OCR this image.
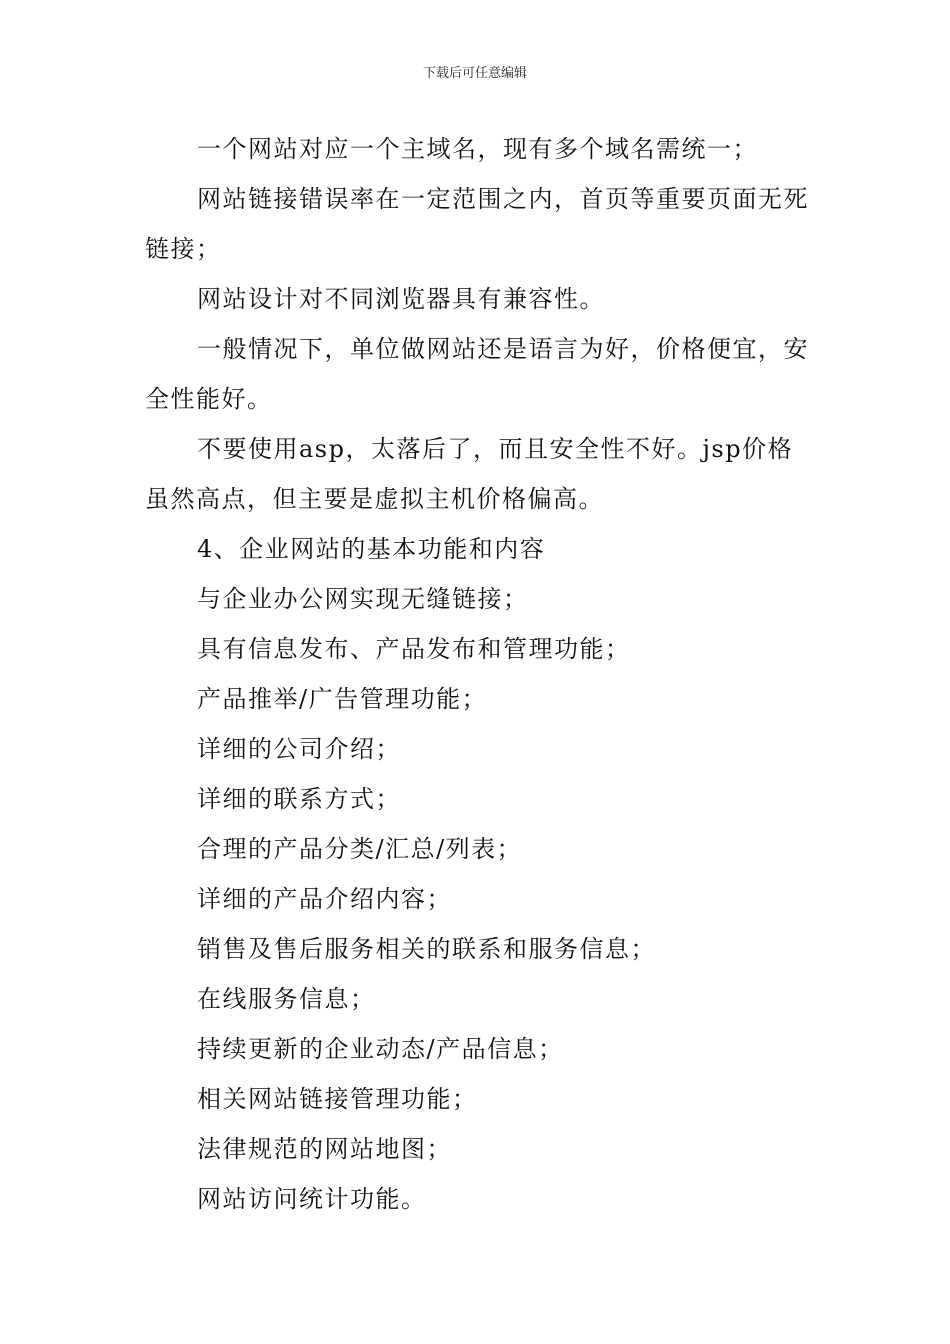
下载后可任意编辑

一个网站对应一个主域名，现有多个域名需统一；

网站链接错误率在一定范围之内，首页等重要页面无死链接；

网站设计对不同浏览器具有兼容性。

一般情况下，单位做网站还是语言为好，价格便宜，安全性能好。

不要使用asp，太落后了，而且安全性不好。jsp价格虽然高点，但主要是虚拟主机价格偏高。

4、企业网站的基本功能和内容

与企业办公网实现无缝链接；

具有信息发布、产品发布和管理功能；

产品推举/广告管理功能；

详细的公司介绍；

详细的联系方式；

合理的产品分类/汇总/列表；

详细的产品介绍内容；

销售及售后服务相关的联系和服务信息；

在线服务信息；

持续更新的企业动态/产品信息；

相关网站链接管理功能；

法律规范的网站地图；

网站访问统计功能。
